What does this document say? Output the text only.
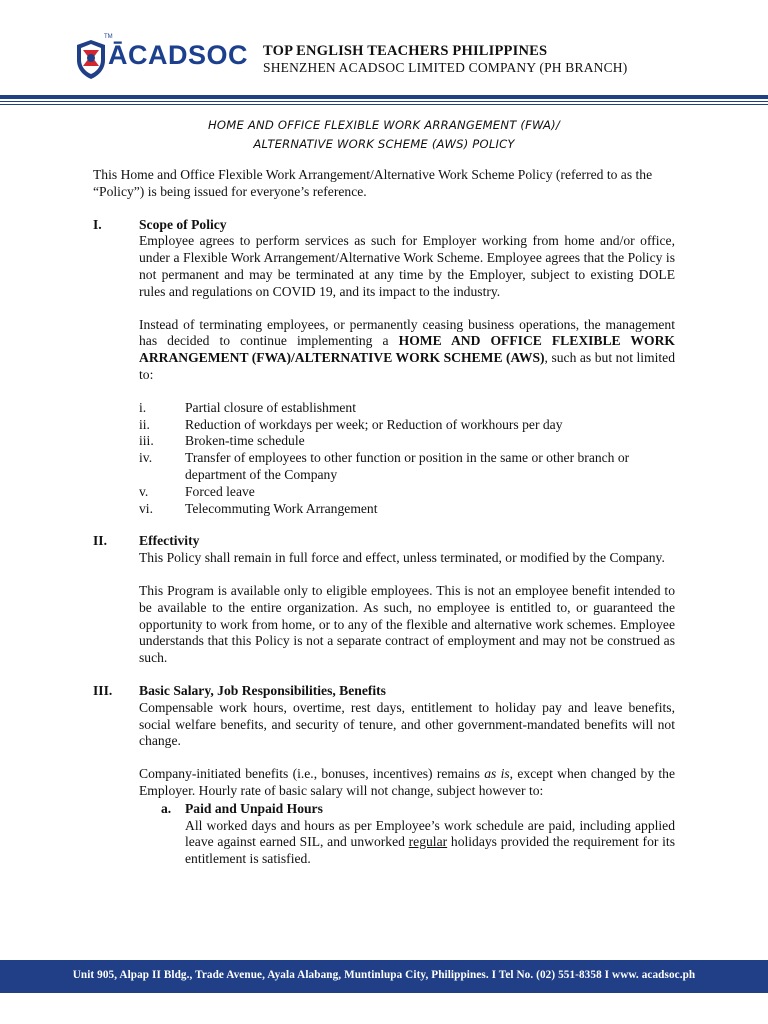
TM
ĀCADSOC TOP ENGLISH TEACHERS PHILIPPINES
SHENZHEN ACADSOC LIMITED COMPANY (PH BRANCH)
HOME AND OFFICE FLEXIBLE WORK ARRANGEMENT (FWA)/
ALTERNATIVE WORK SCHEME (AWS) POLICY

This Home and Office Flexible Work Arrangement/Alternative Work Scheme Policy (referred to as the “Policy”) is being issued for everyone’s reference.

I.	Scope of Policy

Employee agrees to perform services as such for Employer working from home and/or office, under a Flexible Work Arrangement/Alternative Work Scheme. Employee agrees that the Policy is not permanent and may be terminated at any time by the Employer, subject to existing DOLE rules and regulations on COVID 19, and its impact to the industry.

Instead of terminating employees, or permanently ceasing business operations, the management has decided to continue implementing a HOME AND OFFICE FLEXIBLE WORK ARRANGEMENT (FWA)/ALTERNATIVE WORK SCHEME (AWS), such as but not limited to:

i.	Partial closure of establishment
ii.	Reduction of workdays per week; or Reduction of workhours per day
iii.	Broken-time schedule
iv.	Transfer of employees to other function or position in the same or other branch or department of the Company
v.	Forced leave
vi.	Telecommuting Work Arrangement
II.	Effectivity

This Policy shall remain in full force and effect, unless terminated, or modified by the Company.

This Program is available only to eligible employees. This is not an employee benefit intended to be available to the entire organization. As such, no employee is entitled to, or guaranteed the opportunity to work from home, or to any of the flexible and alternative work schemes. Employee understands that this Policy is not a separate contract of employment and may not be construed as such.

III.	Basic Salary, Job Responsibilities, Benefits

Compensable work hours, overtime, rest days, entitlement to holiday pay and leave benefits, social welfare benefits, and security of tenure, and other government-mandated benefits will not change.

Company-initiated benefits (i.e., bonuses, incentives) remains as is, except when changed by the Employer. Hourly rate of basic salary will not change, subject however to:

a.	Paid and Unpaid Hours

All worked days and hours as per Employee’s work schedule are paid, including applied leave against earned SIL, and unworked regular holidays provided the requirement for its entitlement is satisfied.

Unit 905, Alpap II Bldg., Trade Avenue, Ayala Alabang, Muntinlupa City, Philippines. I Tel No. (02) 551-8358 I www. acadsoc.ph
